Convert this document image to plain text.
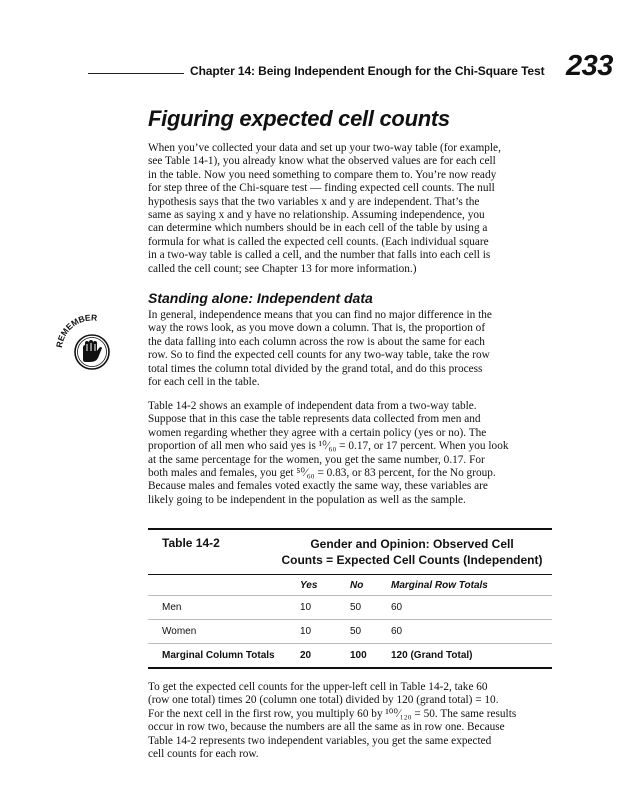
Chapter 14: Being Independent Enough for the Chi-Square Test 233
Figuring expected cell counts

When you’ve collected your data and set up your two-way table (for example,
see Table 14-1), you already know what the observed values are for each cell
in the table. Now you need something to compare them to. You’re now ready
for step three of the Chi-square test — finding expected cell counts. The null
hypothesis says that the two variables x and y are independent. That’s the
same as saying x and y have no relationship. Assuming independence, you
can determine which numbers should be in each cell of the table by using a
formula for what is called the expected cell counts. (Each individual square
in a two-way table is called a cell, and the number that falls into each cell is
called the cell count; see Chapter 13 for more information.)

Standing alone: Independent data
REMEMBER	In general, independence means that you can find no major difference in the
way the rows look, as you move down a column. That is, the proportion of
the data falling into each column across the row is about the same for each
row. So to find the expected cell counts for any two-way table, take the row
total times the column total divided by the grand total, and do this process
for each cell in the table.

Table 14-2 shows an example of independent data from a two-way table.
Suppose that in this case the table represents data collected from men and
women regarding whether they agree with a certain policy (yes or no). The
proportion of all men who said yes is ¹⁰⁄₆₀ = 0.17, or 17 percent. When you look
at the same percentage for the women, you get the same number, 0.17. For
both males and females, you get ⁵⁰⁄₆₀ = 0.83, or 83 percent, for the No group.
Because males and females voted exactly the same way, these variables are
likely going to be independent in the population as well as the sample.

Table 14-2	Gender and Opinion: Observed Cell
Counts = Expected Cell Counts (Independent)
Yes	No	Marginal Row Totals
Men	10	50	60
Women	10	50	60
Marginal Column Totals	20	100	120 (Grand Total)

To get the expected cell counts for the upper-left cell in Table 14-2, take 60
(row one total) times 20 (column one total) divided by 120 (grand total) = 10.
For the next cell in the first row, you multiply 60 by ¹⁰⁰⁄₁₂₀ = 50. The same results
occur in row two, because the numbers are all the same as in row one. Because
Table 14-2 represents two independent variables, you get the same expected
cell counts for each row.
